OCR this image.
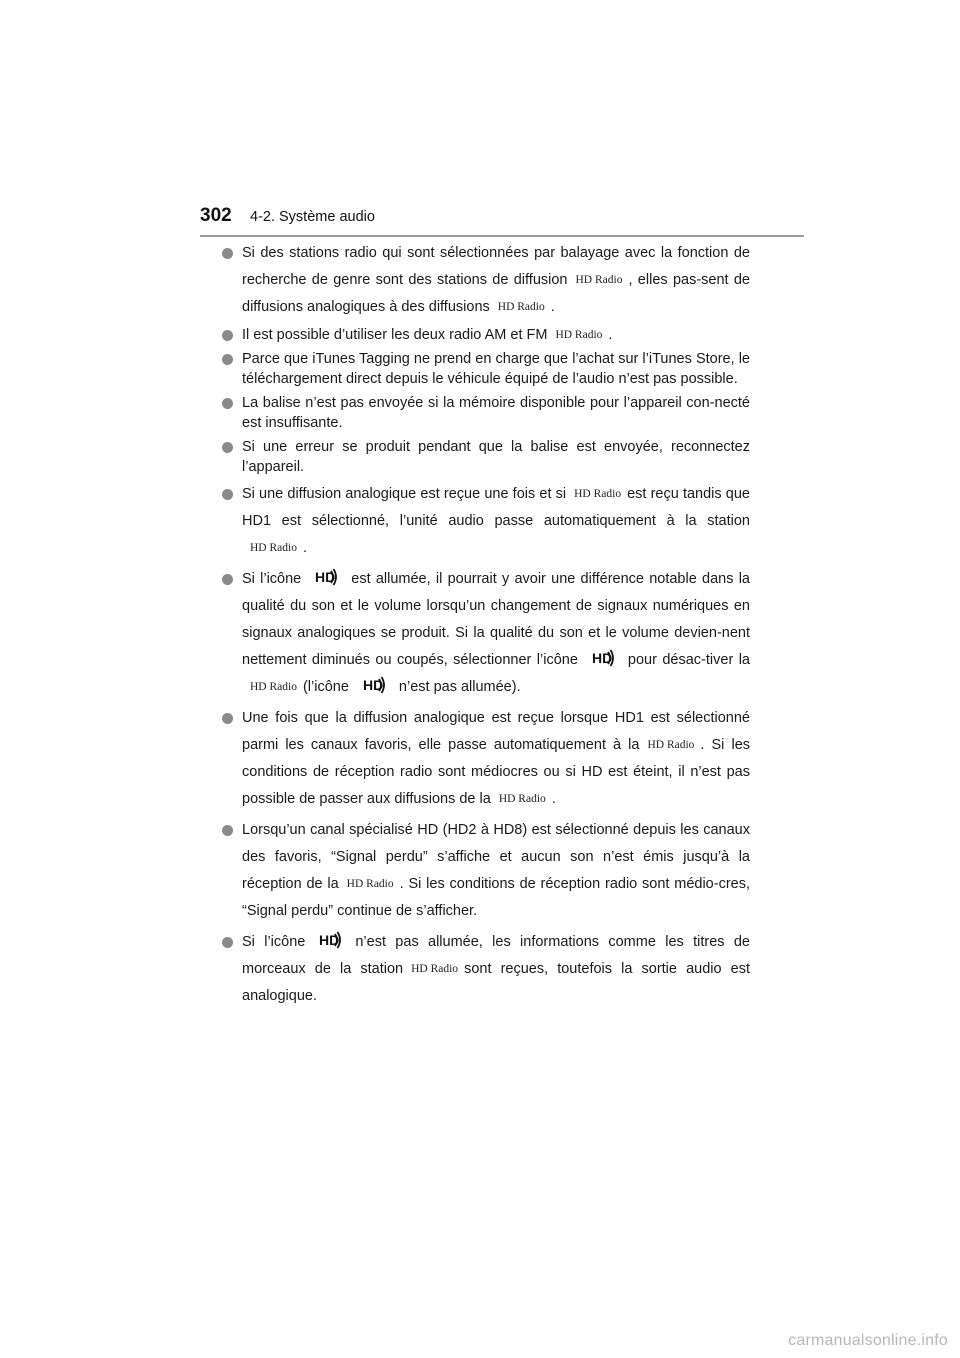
302 4-2. Système audio
Si des stations radio qui sont sélectionnées par balayage avec la fonction de recherche de genre sont des stations de diffusion HD Radio , elles pas-sent de diffusions analogiques à des diffusions HD Radio .
Il est possible d’utiliser les deux radio AM et FM HD Radio .
Parce que iTunes Tagging ne prend en charge que l’achat sur l’iTunes Store, le téléchargement direct depuis le véhicule équipé de l’audio n’est pas possible.
La balise n’est pas envoyée si la mémoire disponible pour l’appareil con-necté est insuffisante.
Si une erreur se produit pendant que la balise est envoyée, reconnectez l’appareil.
Si une diffusion analogique est reçue une fois et si HD Radio est reçu tandis que HD1 est sélectionné, l’unité audio passe automatiquement à la stationHD Radio .
Si l’icône HD est allumée, il pourrait y avoir une différence notable dans la qualité du son et le volume lorsqu’un changement de signaux numériques en signaux analogiques se produit. Si la qualité du son et le volume devien-nent nettement diminués ou coupés, sélectionner l’icône HD pour désac-tiver laHD Radio (l’icône HD n’est pas allumée).
Une fois que la diffusion analogique est reçue lorsque HD1 est sélectionné parmi les canaux favoris, elle passe automatiquement à la HD Radio . Si les conditions de réception radio sont médiocres ou si HD est éteint, il n’est pas possible de passer aux diffusions de la HD Radio .
Lorsqu’un canal spécialisé HD (HD2 à HD8) est sélectionné depuis les canaux des favoris, “Signal perdu” s’affiche et aucun son n’est émis jusqu’à la réception de la HD Radio . Si les conditions de réception radio sont médio-cres, “Signal perdu” continue de s’afficher.
Si l’icône HD n’est pas allumée, les informations comme les titres de morceaux de la station HD Radio sont reçues, toutefois la sortie audio est analogique.
carmanualsonline.info
